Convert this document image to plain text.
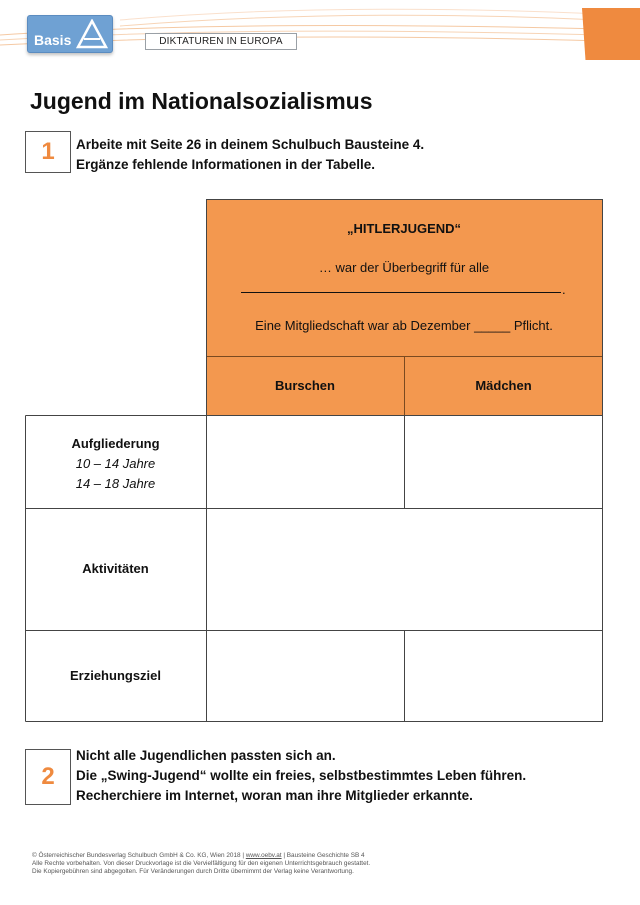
Basis	DIKTATUREN IN EUROPA
Jugend im Nationalsozialismus
1	Arbeite mit Seite 26 in deinem Schulbuch Bausteine 4.
Ergänze fehlende Informationen in der Tabelle.
„HITLERJUGEND“
… war der Überbegriff für alle
.
Eine Mitgliedschaft war ab Dezember _____ Pflicht.
Burschen	Mädchen
Aufgliederung
10 – 14 Jahre
14 – 18 Jahre
Aktivitäten
Erziehungsziel
2
Nicht alle Jugendlichen passten sich an.
Die „Swing-Jugend“ wollte ein freies, selbstbestimmtes Leben führen.
Recherchiere im Internet, woran man ihre Mitglieder erkannte.
© Österreichischer Bundesverlag Schulbuch GmbH & Co. KG, Wien 2018 | www.oebv.at | Bausteine Geschichte SB 4
Alle Rechte vorbehalten. Von dieser Druckvorlage ist die Vervielfältigung für den eigenen Unterrichtsgebrauch gestattet.
Die Kopiergebühren sind abgegolten. Für Veränderungen durch Dritte übernimmt der Verlag keine Verantwortung.
